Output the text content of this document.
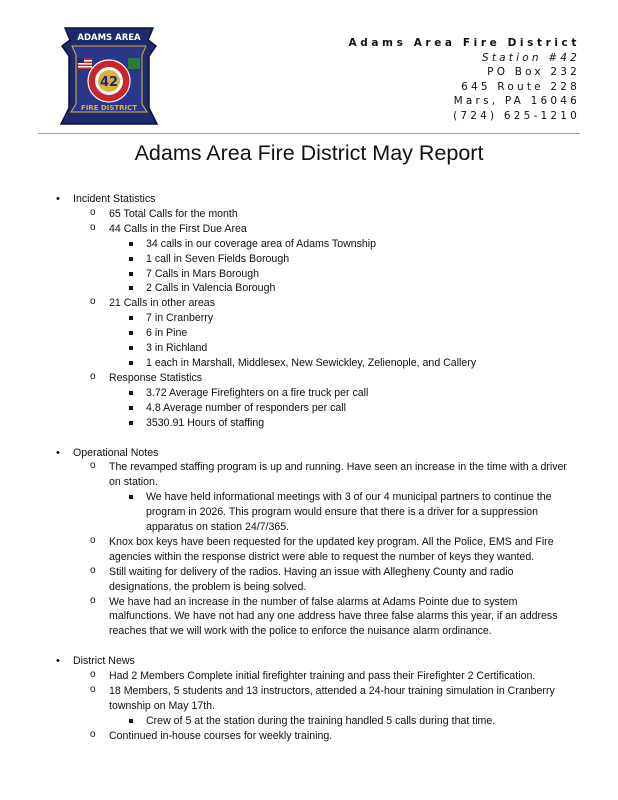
ADAMS AREA
42
FIRE DISTRICT
Adams Area Fire District
Station #42
PO Box 232
645 Route 228
Mars, PA 16046
(724) 625-1210
Adams Area Fire District May Report
• Incident Statistics
o 65 Total Calls for the month
o 44 Calls in the First Due Area
34 calls in our coverage area of Adams Township
1 call in Seven Fields Borough
7 Calls in Mars Borough
2 Calls in Valencia Borough
o 21 Calls in other areas
7 in Cranberry
6 in Pine
3 in Richland
1 each in Marshall, Middlesex, New Sewickley, Zelienople, and Callery
o Response Statistics
3.72 Average Firefighters on a fire truck per call
4.8 Average number of responders per call
3530.91 Hours of staffing
• Operational Notes
o The revamped staffing program is up and running. Have seen an increase in the time with a driver on station.
We have held informational meetings with 3 of our 4 municipal partners to continue the program in 2026. This program would ensure that there is a driver for a suppression apparatus on station 24/7/365.
o Knox box keys have been requested for the updated key program. All the Police, EMS and Fire agencies within the response district were able to request the number of keys they wanted.
o Still waiting for delivery of the radios. Having an issue with Allegheny County and radio designations, the problem is being solved.
o We have had an increase in the number of false alarms at Adams Pointe due to system malfunctions. We have not had any one address have three false alarms this year, if an address reaches that we will work with the police to enforce the nuisance alarm ordinance.
• District News
o Had 2 Members Complete initial firefighter training and pass their Firefighter 2 Certification.
o 18 Members, 5 students and 13 instructors, attended a 24-hour training simulation in Cranberry township on May 17th.
Crew of 5 at the station during the training handled 5 calls during that time.
o Continued in-house courses for weekly training.
